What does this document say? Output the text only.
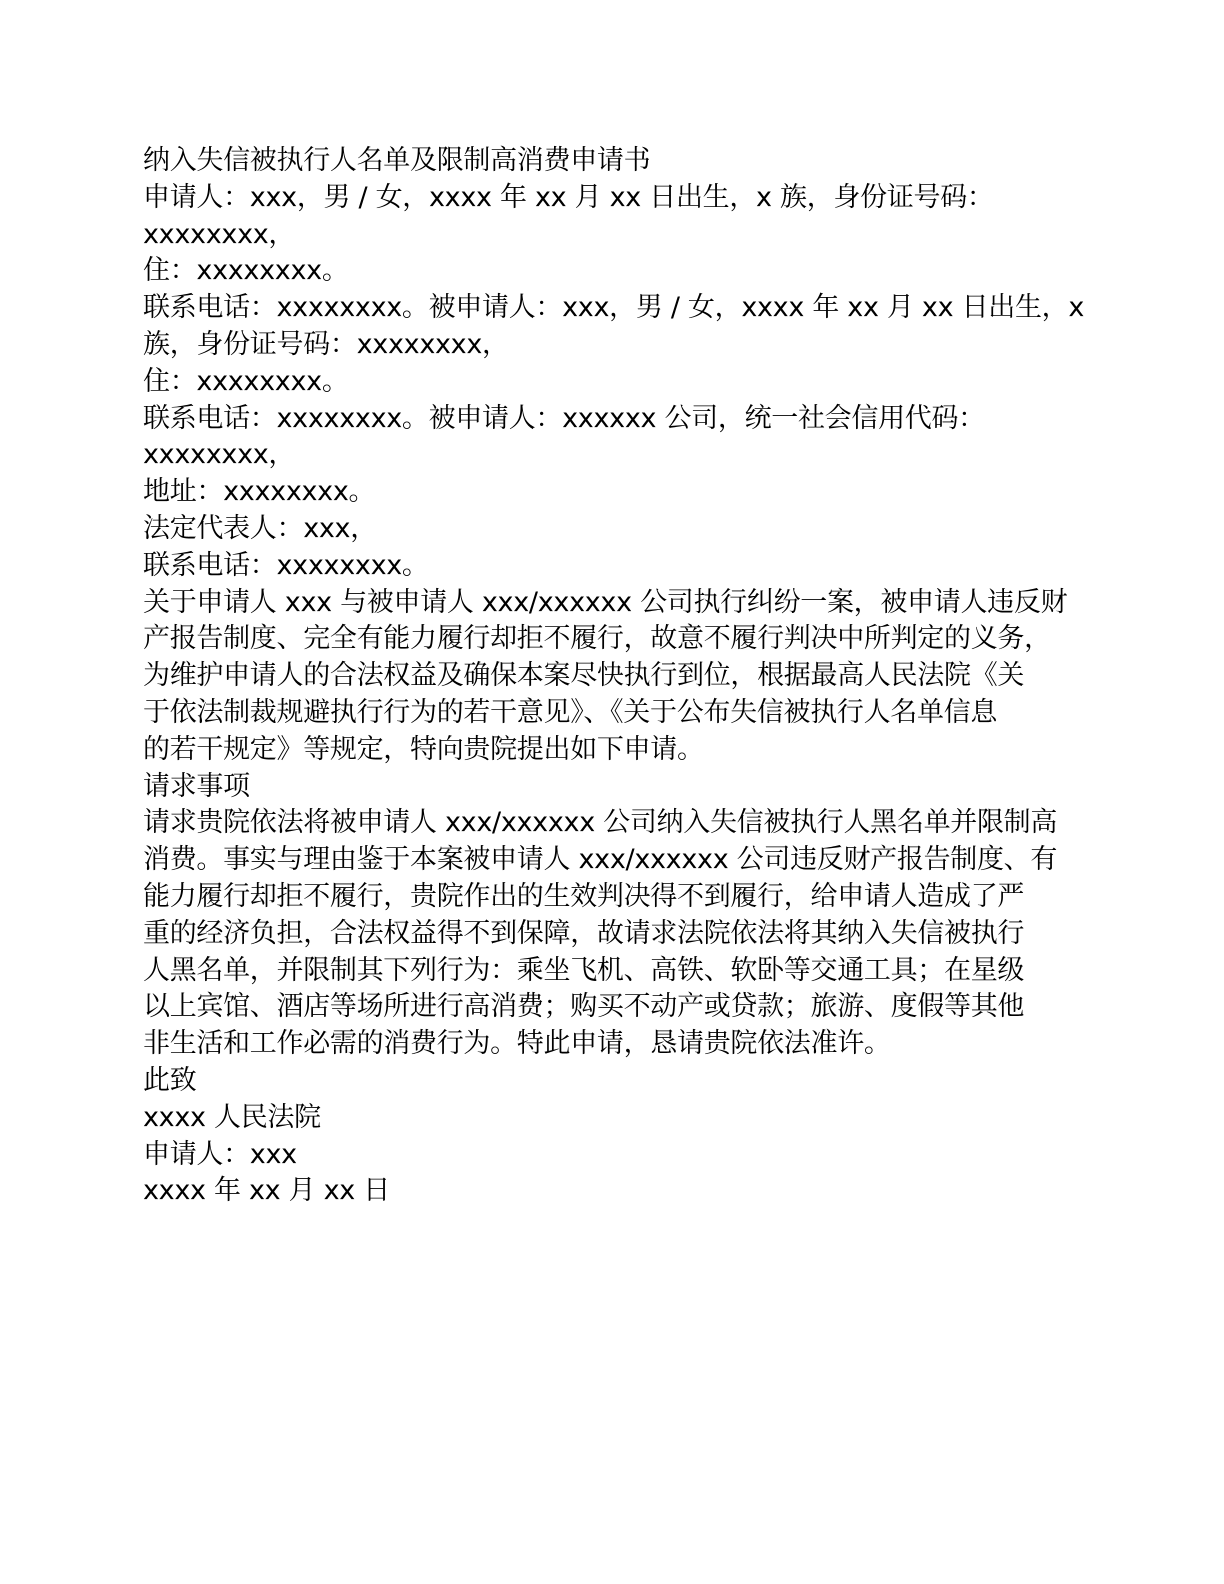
纳入失信被执行人名单及限制高消费申请书
申请人：xxx，男 / 女，xxxx 年 xx 月 xx 日出生，x 族，身份证号码：
xxxxxxxx，
住：xxxxxxxx。
联系电话：xxxxxxxx。被申请人：xxx，男 / 女，xxxx 年 xx 月 xx 日出生，x
族，身份证号码：xxxxxxxx，
住：xxxxxxxx。
联系电话：xxxxxxxx。被申请人：xxxxxx 公司，统一社会信用代码：
xxxxxxxx，
地址：xxxxxxxx。
法定代表人：xxx，
联系电话：xxxxxxxx。
关于申请人 xxx 与被申请人 xxx/xxxxxx 公司执行纠纷一案，被申请人违反财
产报告制度、完全有能力履行却拒不履行，故意不履行判决中所判定的义务，
为维护申请人的合法权益及确保本案尽快执行到位，根据最高人民法院《关
于依法制裁规避执行行为的若干意见》、《关于公布失信被执行人名单信息
的若干规定》等规定，特向贵院提出如下申请。
请求事项
请求贵院依法将被申请人 xxx/xxxxxx 公司纳入失信被执行人黑名单并限制高
消费。事实与理由鉴于本案被申请人 xxx/xxxxxx 公司违反财产报告制度、有
能力履行却拒不履行，贵院作出的生效判决得不到履行，给申请人造成了严
重的经济负担，合法权益得不到保障，故请求法院依法将其纳入失信被执行
人黑名单，并限制其下列行为：乘坐飞机、高铁、软卧等交通工具；在星级
以上宾馆、酒店等场所进行高消费；购买不动产或贷款；旅游、度假等其他
非生活和工作必需的消费行为。特此申请，恳请贵院依法准许。
此致
xxxx 人民法院
申请人：xxx
xxxx 年 xx 月 xx 日
